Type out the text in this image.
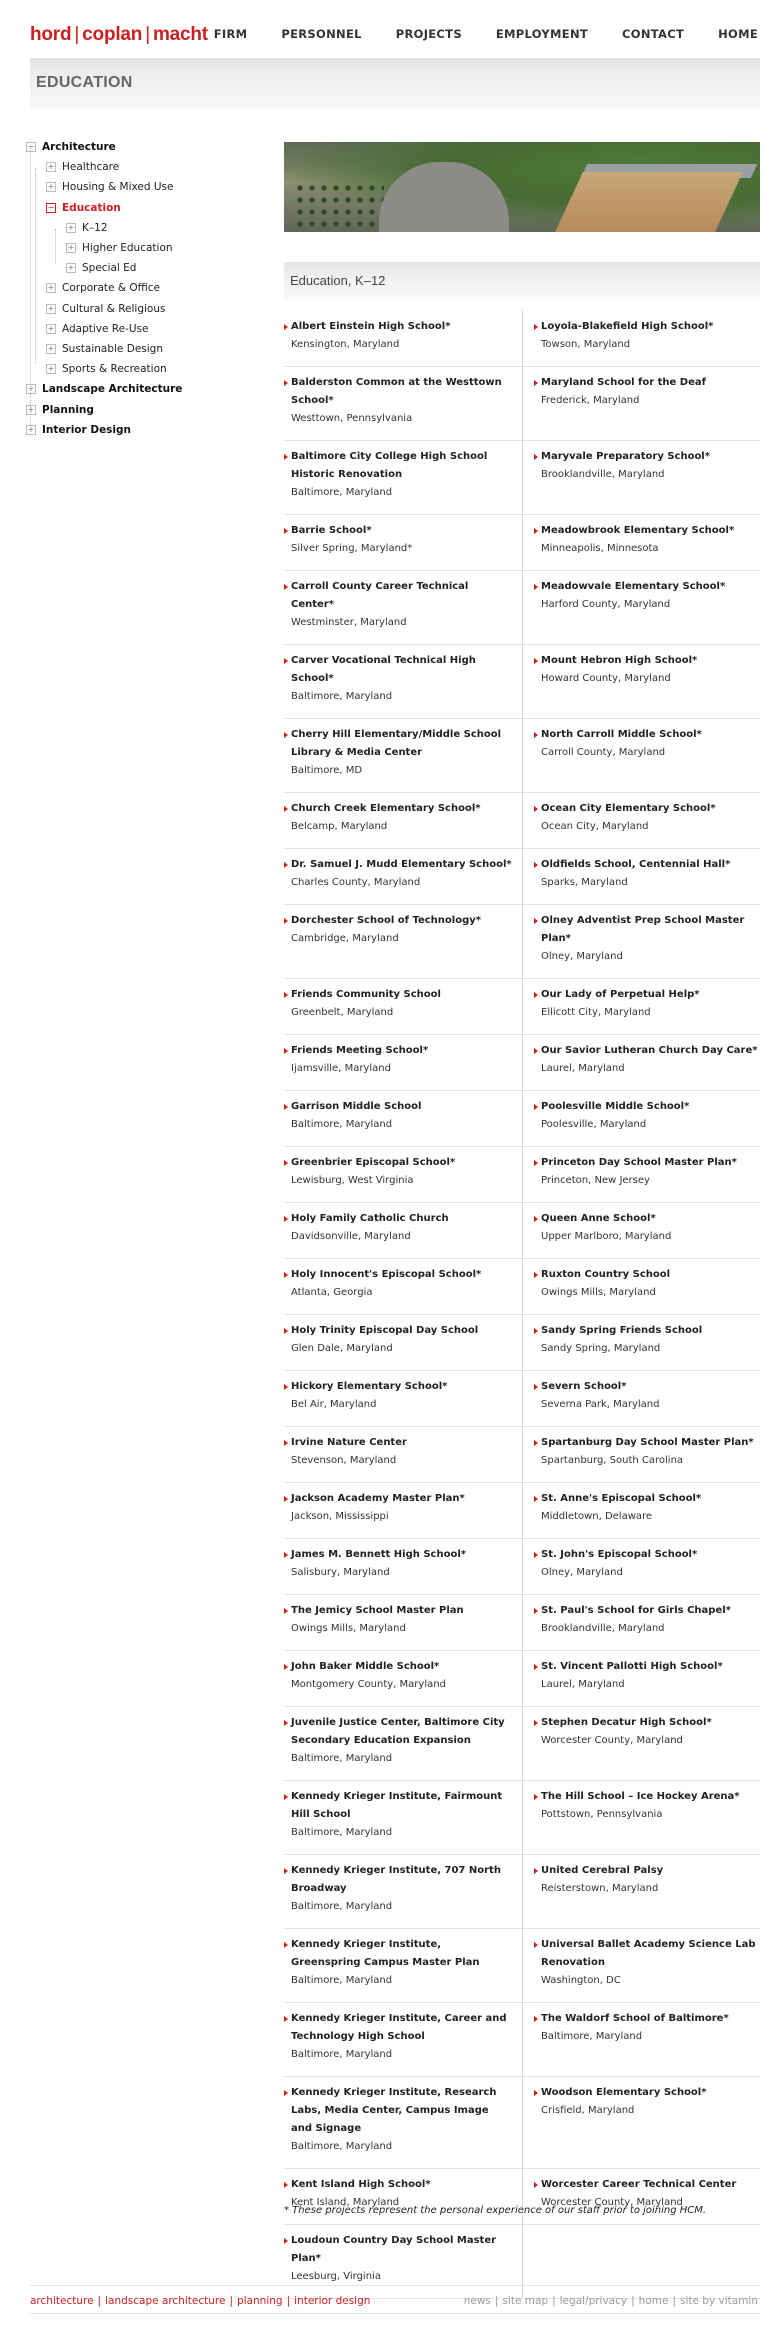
hord | coplan | macht FIRM	PERSONNEL	PROJECTS	EMPLOYMENT	CONTACT	HOME
EDUCATION
− Architecture
+ Healthcare
+ Housing & Mixed Use
− Education
+ K–12
+ Higher Education
+ Special Ed
+ Corporate & Office
+ Cultural & Religious
+ Adaptive Re-Use
+ Sustainable Design
+ Sports & Recreation
+ Landscape Architecture
+ Planning
+ Interior Design
Education, K–12
Albert Einstein High School*
Kensington, Maryland
Loyola-Blakefield High School*
Towson, Maryland
Balderston Common at the Westtown School*
Westtown, Pennsylvania
Maryland School for the Deaf
Frederick, Maryland
Baltimore City College High School Historic Renovation
Baltimore, Maryland
Maryvale Preparatory School*
Brooklandville, Maryland
Barrie School*
Silver Spring, Maryland*
Meadowbrook Elementary School*
Minneapolis, Minnesota
Carroll County Career Technical Center*
Westminster, Maryland
Meadowvale Elementary School*
Harford County, Maryland
Carver Vocational Technical High School*
Baltimore, Maryland
Mount Hebron High School*
Howard County, Maryland
Cherry Hill Elementary/Middle School Library & Media Center
Baltimore, MD
North Carroll Middle School*
Carroll County, Maryland
Church Creek Elementary School*
Belcamp, Maryland
Ocean City Elementary School*
Ocean City, Maryland
Dr. Samuel J. Mudd Elementary School*
Charles County, Maryland
Oldfields School, Centennial Hall*
Sparks, Maryland
Dorchester School of Technology*
Cambridge, Maryland
Olney Adventist Prep School Master Plan*
Olney, Maryland
Friends Community School
Greenbelt, Maryland
Our Lady of Perpetual Help*
Ellicott City, Maryland
Friends Meeting School*
Ijamsville, Maryland
Our Savior Lutheran Church Day Care*
Laurel, Maryland
Garrison Middle School
Baltimore, Maryland
Poolesville Middle School*
Poolesville, Maryland
Greenbrier Episcopal School*
Lewisburg, West Virginia
Princeton Day School Master Plan*
Princeton, New Jersey
Holy Family Catholic Church
Davidsonville, Maryland
Queen Anne School*
Upper Marlboro, Maryland
Holy Innocent's Episcopal School*
Atlanta, Georgia
Ruxton Country School
Owings Mills, Maryland
Holy Trinity Episcopal Day School
Glen Dale, Maryland
Sandy Spring Friends School
Sandy Spring, Maryland
Hickory Elementary School*
Bel Air, Maryland
Severn School*
Severna Park, Maryland
Irvine Nature Center
Stevenson, Maryland
Spartanburg Day School Master Plan*
Spartanburg, South Carolina
Jackson Academy Master Plan*
Jackson, Mississippi
St. Anne's Episcopal School*
Middletown, Delaware
James M. Bennett High School*
Salisbury, Maryland
St. John's Episcopal School*
Olney, Maryland
The Jemicy School Master Plan
Owings Mills, Maryland
St. Paul's School for Girls Chapel*
Brooklandville, Maryland
John Baker Middle School*
Montgomery County, Maryland
St. Vincent Pallotti High School*
Laurel, Maryland
Juvenile Justice Center, Baltimore City Secondary Education Expansion
Baltimore, Maryland
Stephen Decatur High School*
Worcester County, Maryland
Kennedy Krieger Institute, Fairmount Hill School
Baltimore, Maryland
The Hill School – Ice Hockey Arena*
Pottstown, Pennsylvania
Kennedy Krieger Institute, 707 North Broadway
Baltimore, Maryland
United Cerebral Palsy
Reisterstown, Maryland
Kennedy Krieger Institute, Greenspring Campus Master Plan
Baltimore, Maryland
Universal Ballet Academy Science Lab Renovation
Washington, DC
Kennedy Krieger Institute, Career and Technology High School
Baltimore, Maryland
The Waldorf School of Baltimore*
Baltimore, Maryland
Kennedy Krieger Institute, Research Labs, Media Center, Campus Image and Signage
Baltimore, Maryland
Woodson Elementary School*
Crisfield, Maryland
Kent Island High School*
Kent Island, Maryland
Worcester Career Technical Center
Worcester County, Maryland
Loudoun Country Day School Master Plan*
Leesburg, Virginia
* These projects represent the personal experience of our staff prior to joining HCM.
architecture | landscape architecture | planning | interior design	news | site map | legal/privacy | home | site by vitamin
